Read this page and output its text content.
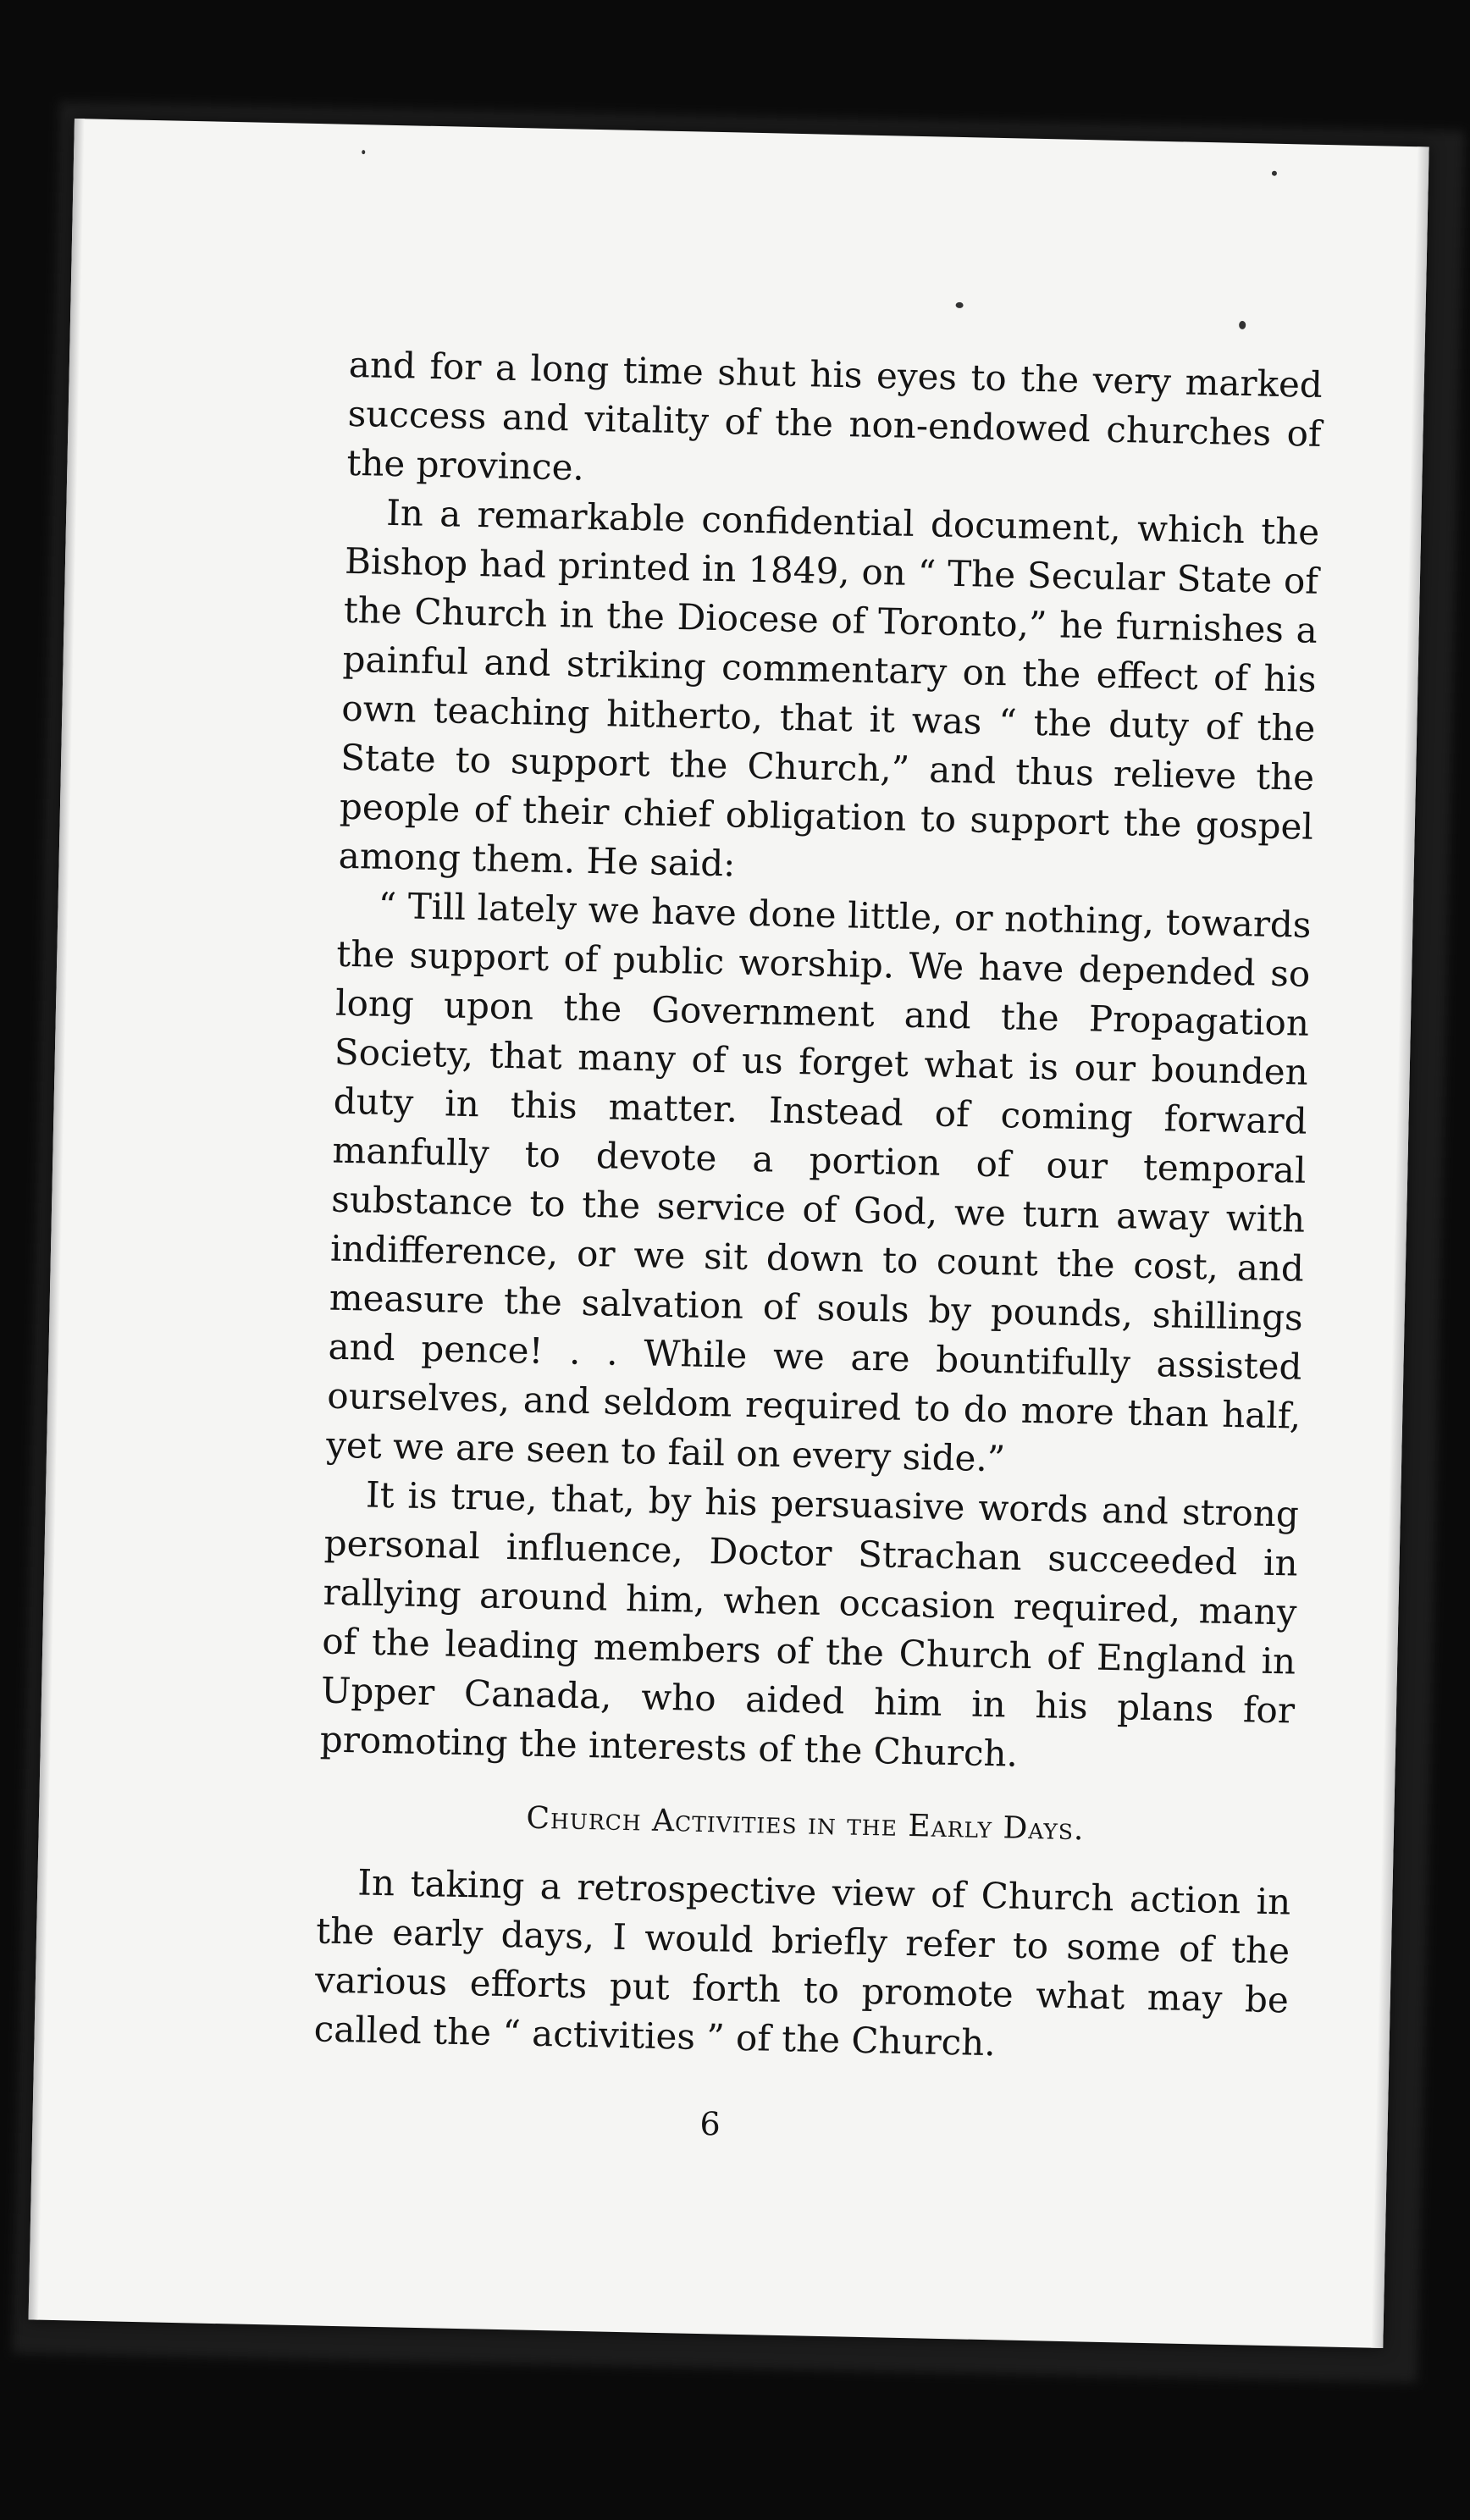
and for a long time shut his eyes to the very marked success and vitality of the non-endowed churches of the province.

In a remarkable confidential document, which the Bishop had printed in 1849, on “ The Secular State of the Church in the Diocese of Toronto,” he furnishes a painful and striking commentary on the effect of his own teaching hitherto, that it was “ the duty of the State to support the Church,” and thus relieve the people of their chief obligation to support the gospel among them. He said:

“ Till lately we have done little, or nothing, towards the support of public worship. We have depended so long upon the Government and the Propagation Society, that many of us forget what is our bounden duty in this matter. Instead of coming forward manfully to devote a portion of our temporal substance to the service of God, we turn away with indifference, or we sit down to count the cost, and measure the salvation of souls by pounds, shillings and pence! . . While we are bountifully assisted ourselves, and seldom required to do more than half, yet we are seen to fail on every side.”

It is true, that, by his persuasive words and strong personal influence, Doctor Strachan succeeded in rallying around him, when occasion required, many of the leading members of the Church of England in Upper Canada, who aided him in his plans for promoting the interests of the Church.

Church Activities in the Early Days.

In taking a retrospective view of Church action in the early days, I would briefly refer to some of the various efforts put forth to promote what may be called the “ activities ” of the Church.

6
